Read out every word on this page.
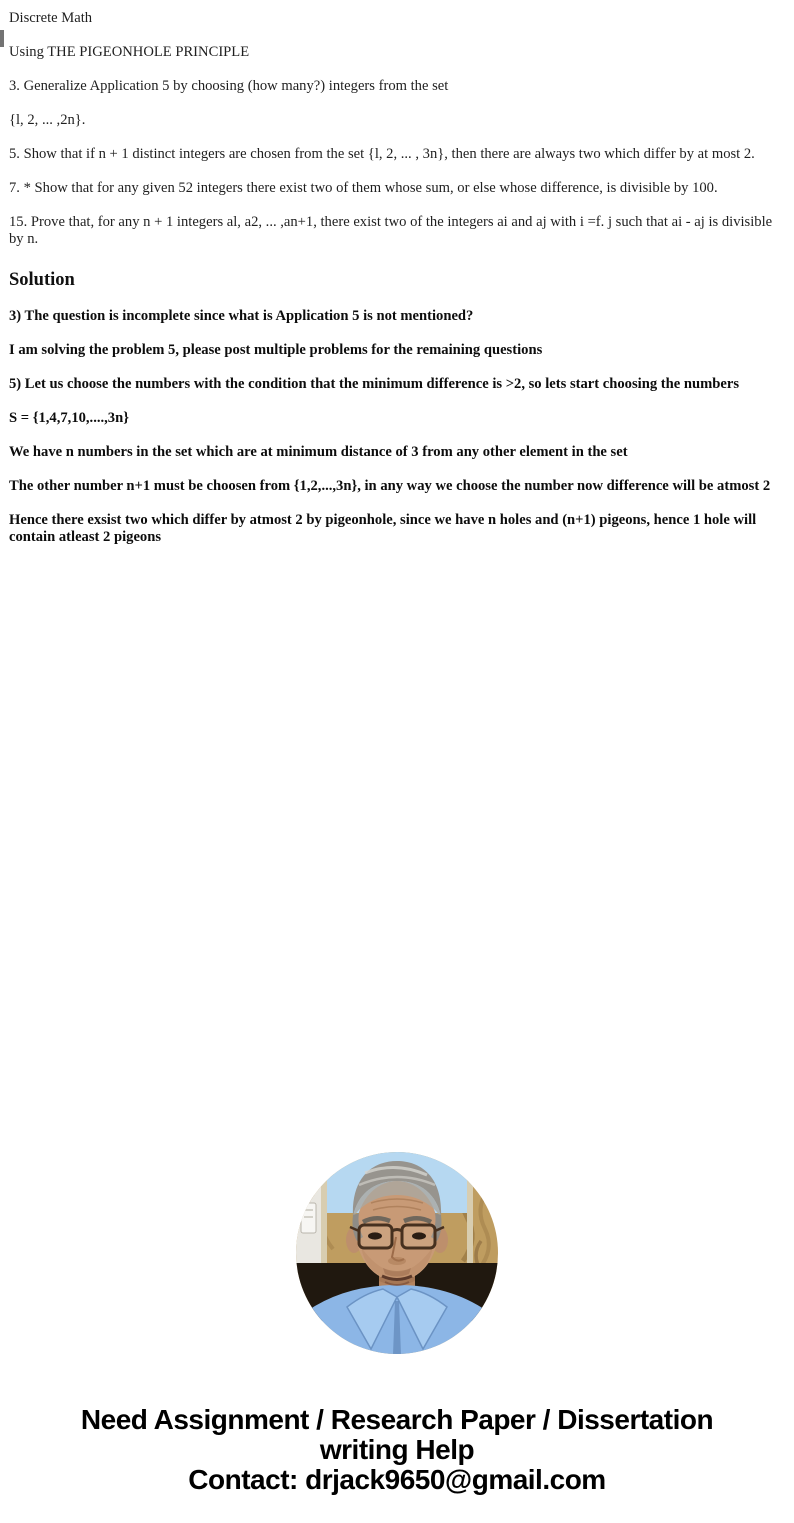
Discrete Math

Using THE PIGEONHOLE PRINCIPLE

3. Generalize Application 5 by choosing (how many?) integers from the set

{l, 2, ... ,2n}.

5. Show that if n + 1 distinct integers are chosen from the set {l, 2, ... , 3n}, then there are always two which differ by at most 2.

7. * Show that for any given 52 integers there exist two of them whose sum, or else whose difference, is divisible by 100.

15. Prove that, for any n + 1 integers al, a2, ... ,an+1, there exist two of the integers ai and aj with i =f. j such that ai - aj is divisible by n.

Solution

3) The question is incomplete since what is Application 5 is not mentioned?

I am solving the problem 5, please post multiple problems for the remaining questions

5) Let us choose the numbers with the condition that the minimum difference is >2, so lets start choosing the numbers

S = {1,4,7,10,....,3n}

We have n numbers in the set which are at minimum distance of 3 from any other element in the set

The other number n+1 must be choosen from {1,2,...,3n}, in any way we choose the number now difference will be atmost 2

Hence there exsist two which differ by atmost 2 by pigeonhole, since we have n holes and (n+1) pigeons, hence 1 hole will contain atleast 2 pigeons

Need Assignment / Research Paper / Dissertation writing Help
Contact: drjack9650@gmail.com
